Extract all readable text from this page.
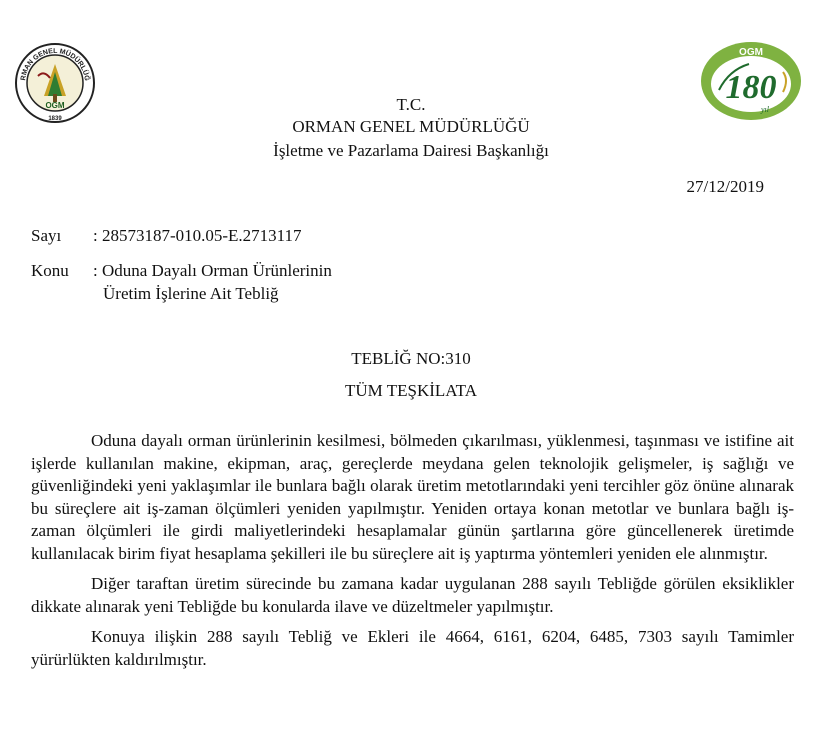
RMAN GENEL MÜDÜRLÜĞ
OGM
1839
OGM
180
yıl
T.C.
ORMAN GENEL MÜDÜRLÜĞÜ
İşletme ve Pazarlama Dairesi Başkanlığı
27/12/2019
Sayı : 28573187-010.05-E.2713117
Konu : Oduna Dayalı Orman Ürünlerinin
Üretim İşlerine Ait Tebliğ
TEBLİĞ NO:310
TÜM TEŞKİLATA

Oduna dayalı orman ürünlerinin kesilmesi, bölmeden çıkarılması, yüklenmesi, taşınması ve istifine ait işlerde kullanılan makine, ekipman, araç, gereçlerde meydana gelen teknolojik gelişmeler, iş sağlığı ve güvenliğindeki yeni yaklaşımlar ile bunlara bağlı olarak üretim metotlarındaki yeni tercihler göz önüne alınarak bu süreçlere ait iş-zaman ölçümleri yeniden yapılmıştır. Yeniden ortaya konan metotlar ve bunlara bağlı iş-zaman ölçümleri ile girdi maliyetlerindeki hesaplamalar günün şartlarına göre güncellenerek üretimde kullanılacak birim fiyat hesaplama şekilleri ile bu süreçlere ait iş yaptırma yöntemleri yeniden ele alınmıştır.

Diğer taraftan üretim sürecinde bu zamana kadar uygulanan 288 sayılı Tebliğde görülen eksiklikler dikkate alınarak yeni Tebliğde bu konularda ilave ve düzeltmeler yapılmıştır.

Konuya ilişkin 288 sayılı Tebliğ ve Ekleri ile 4664, 6161, 6204, 6485, 7303 sayılı Tamimler yürürlükten kaldırılmıştır.
